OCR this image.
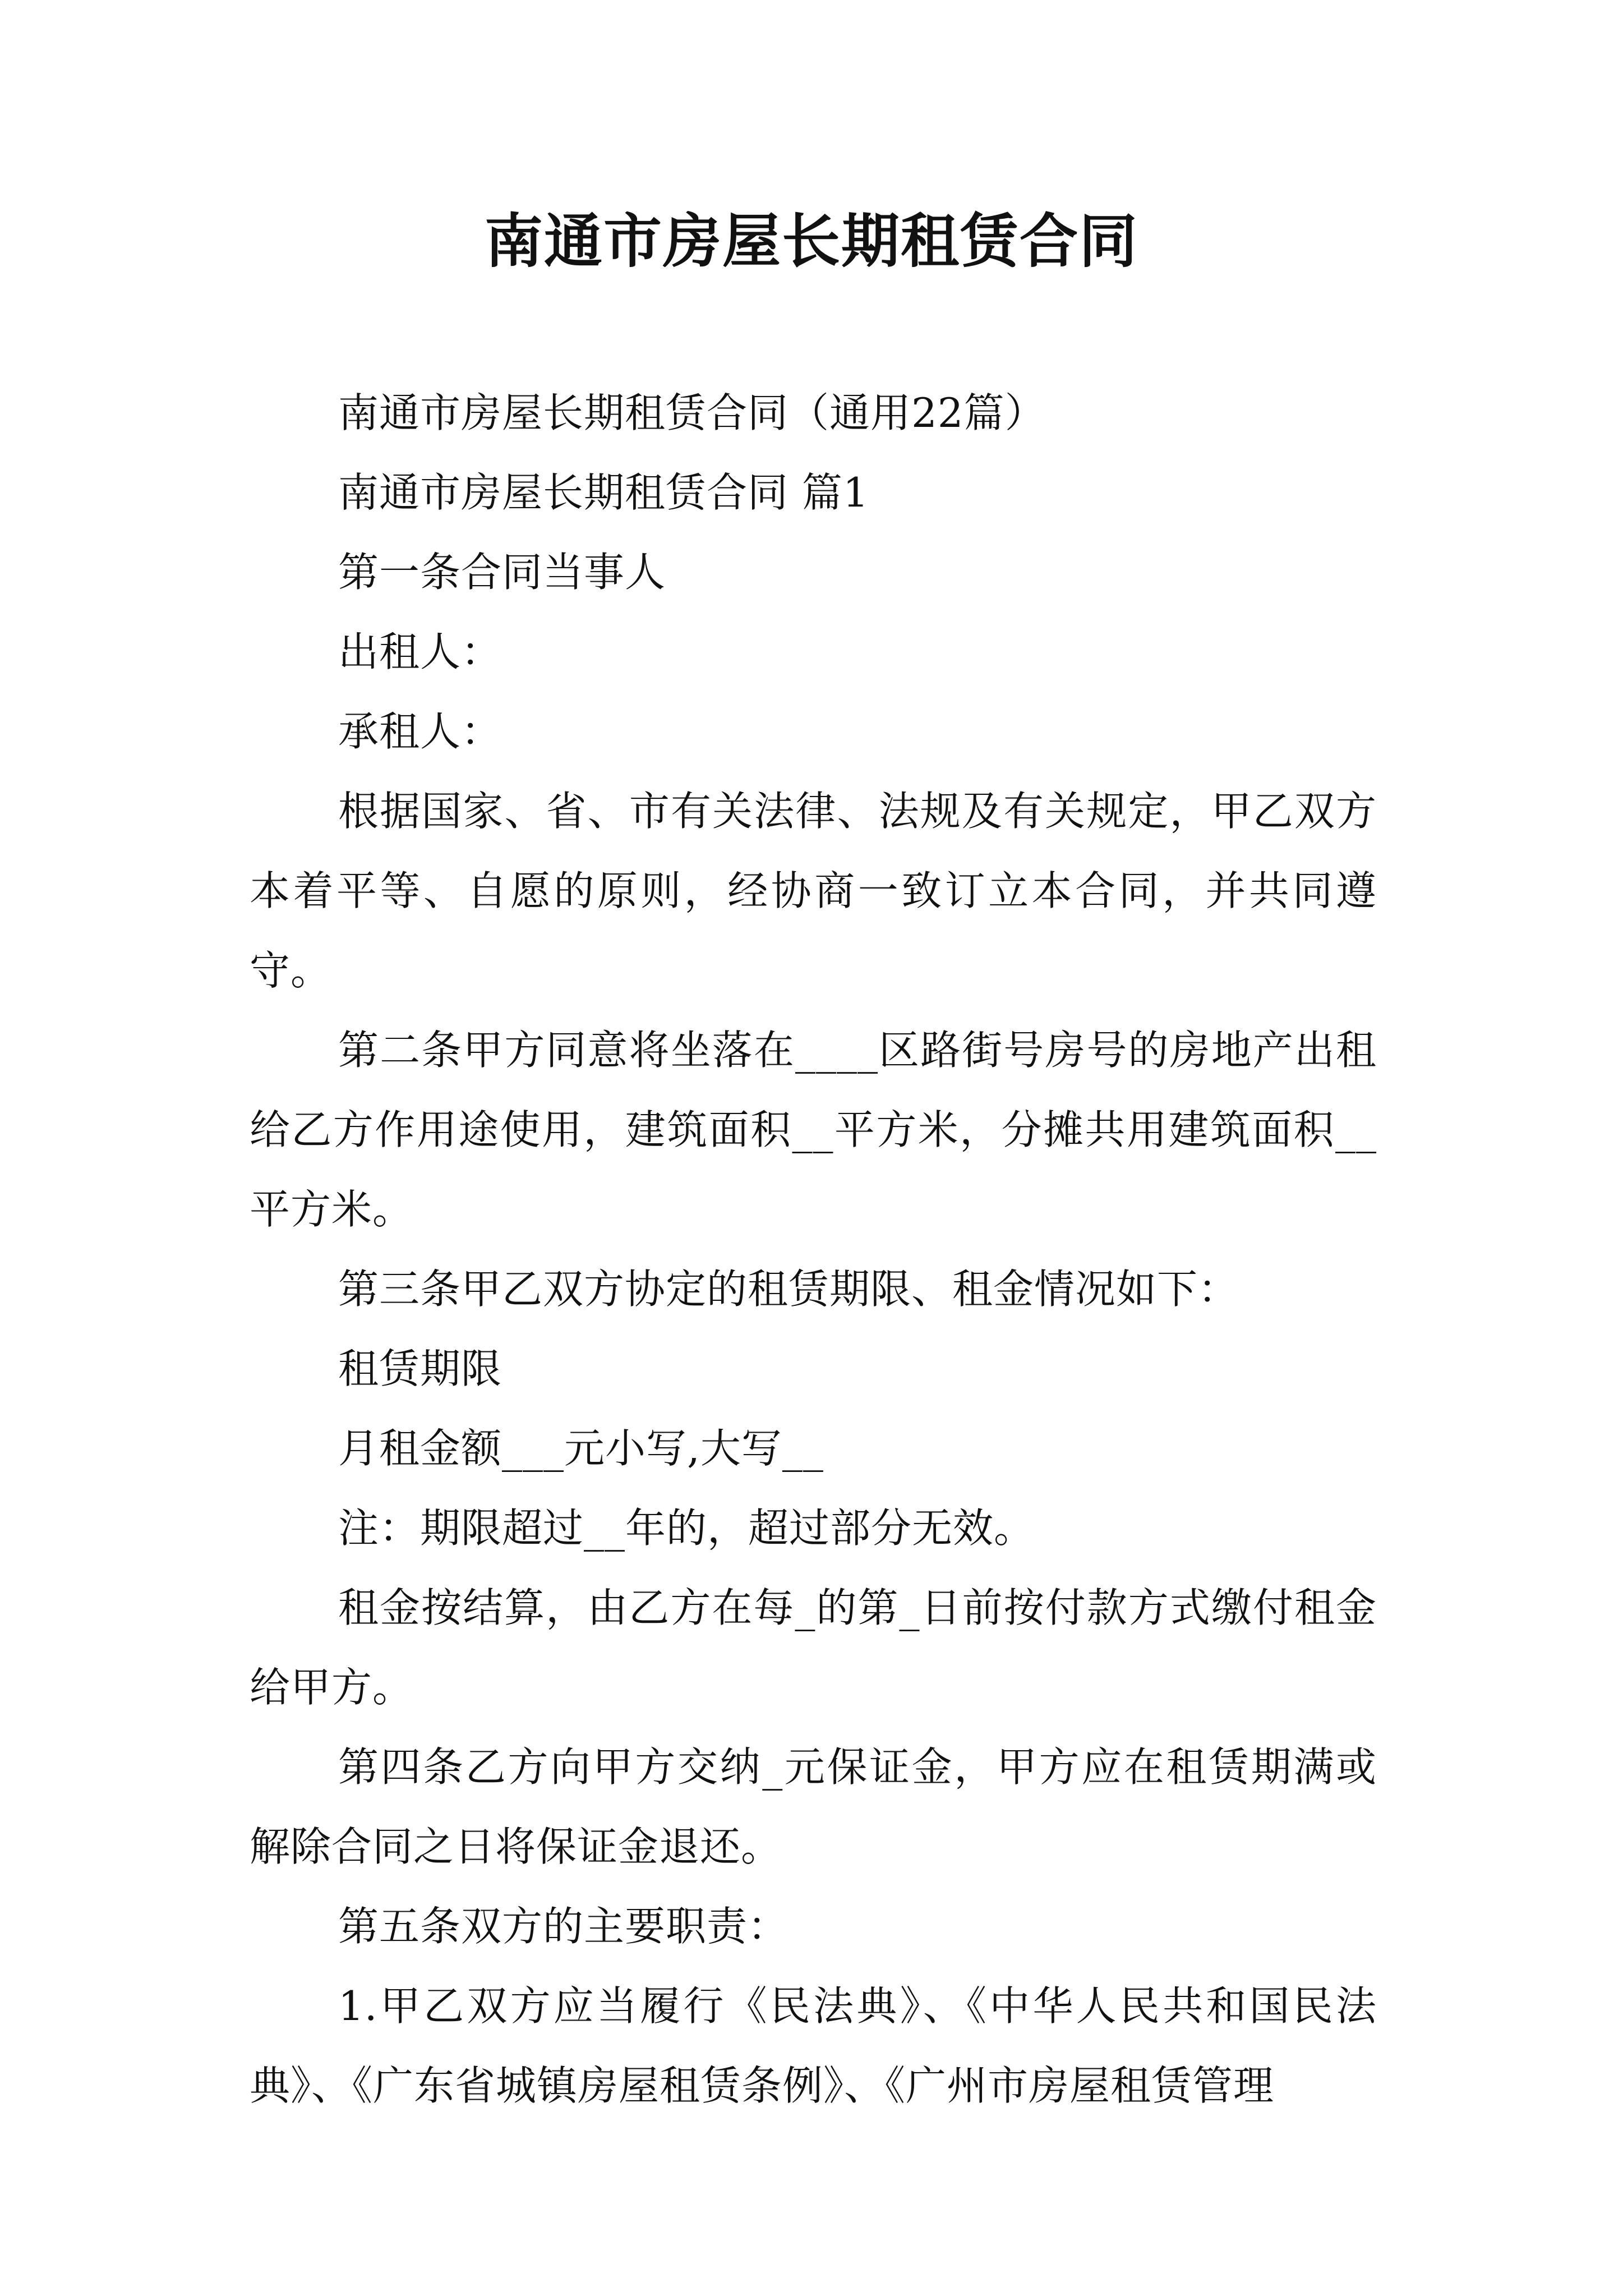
南通市房屋长期租赁合同

南通市房屋长期租赁合同（通用22篇）

南通市房屋长期租赁合同 篇1

第一条合同当事人

出租人：

承租人：

根据国家、省、市有关法律、法规及有关规定，甲乙双方本着平等、自愿的原则，经协商一致订立本合同，并共同遵守。

第二条甲方同意将坐落在____区路街号房号的房地产出租给乙方作用途使用，建筑面积__平方米，分摊共用建筑面积__平方米。

第三条甲乙双方协定的租赁期限、租金情况如下：

租赁期限

月租金额___元小写,大写__

注：期限超过__年的，超过部分无效。

租金按结算，由乙方在每_的第_日前按付款方式缴付租金给甲方。

第四条乙方向甲方交纳_元保证金，甲方应在租赁期满或解除合同之日将保证金退还。

第五条双方的主要职责：

1.甲乙双方应当履行《民法典》、《中华人民共和国民法典》、《广东省城镇房屋租赁条例》、《广州市房屋租赁管理
